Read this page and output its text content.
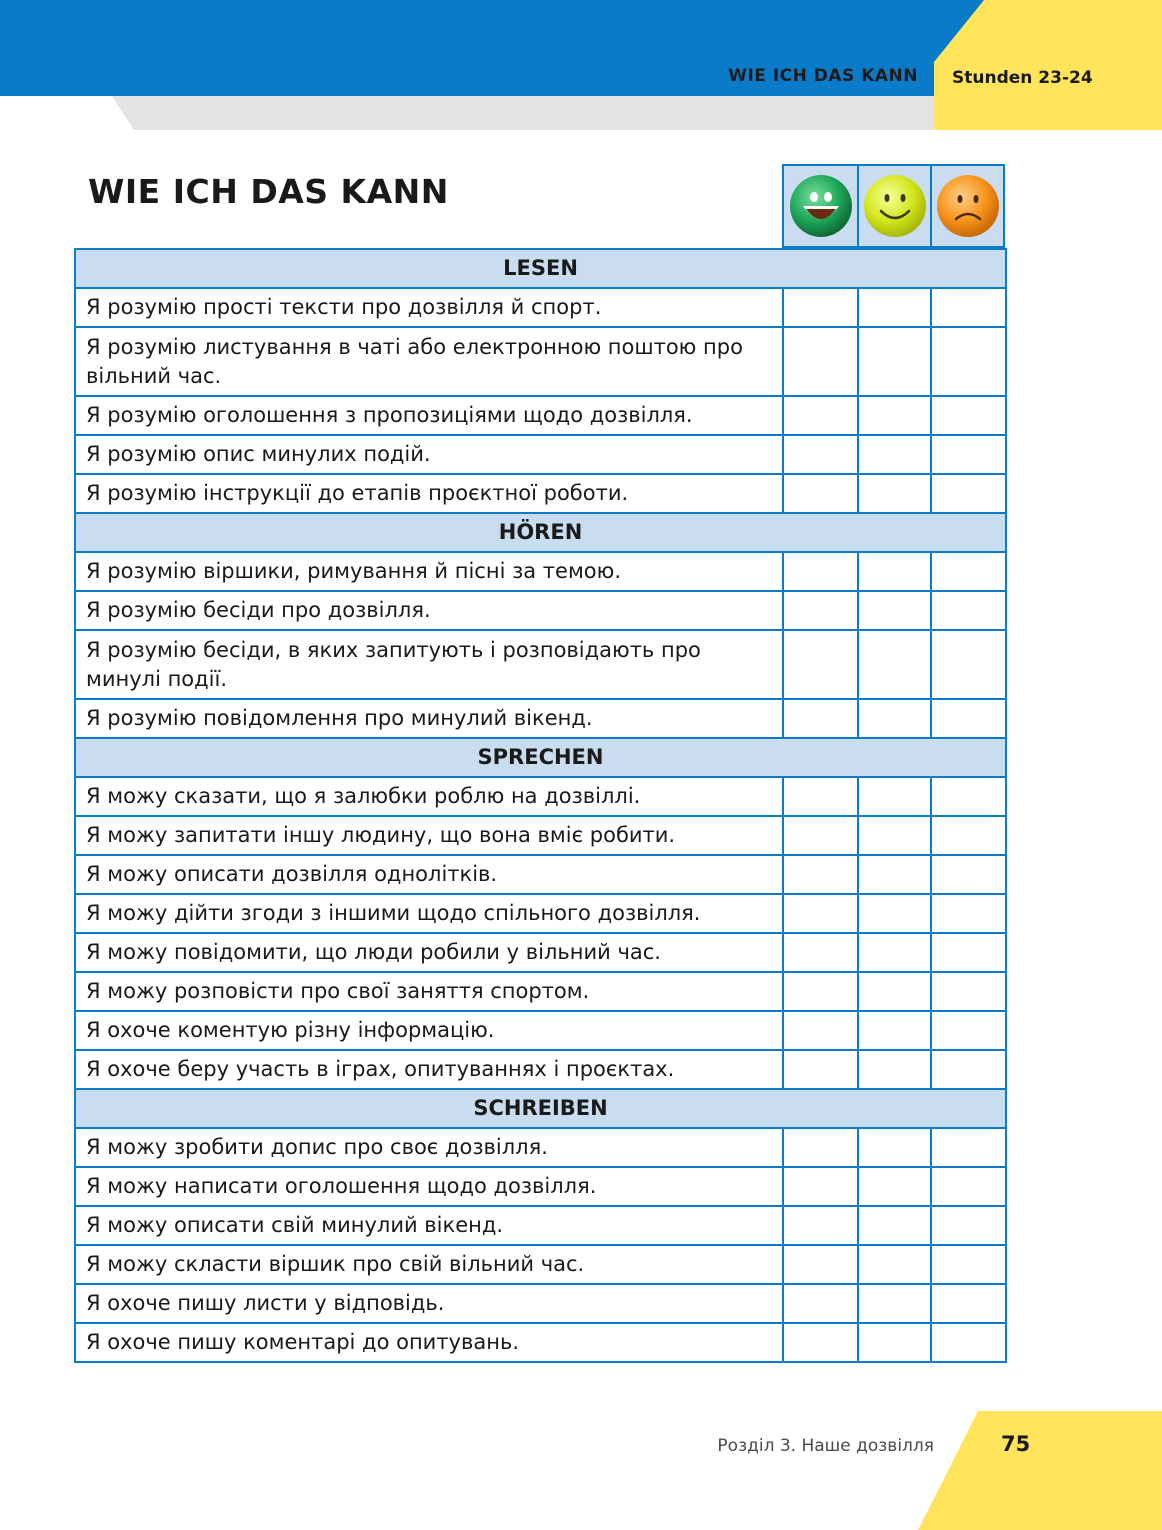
WIE ICH DAS KANN Stunden 23-24
WIE ICH DAS KANN
LESEN			
Я розумію прості тексти про дозвілля й спорт.			
Я розумію листування в чаті або електронною поштою про вільний час.			
Я розумію оголошення з пропозиціями щодо дозвілля.			
Я розумію опис минулих подій.			
Я розумію інструкції до етапів проєктної роботи.			
HÖREN			
Я розумію віршики, римування й пісні за темою.			
Я розумію бесіди про дозвілля.			
Я розумію бесіди, в яких запитують і розповідають про минулі події.			
Я розумію повідомлення про минулий вікенд.			
SPRECHEN			
Я можу сказати, що я залюбки роблю на дозвіллі.			
Я можу запитати іншу людину, що вона вміє робити.			
Я можу описати дозвілля однолітків.			
Я можу дійти згоди з іншими щодо спільного дозвілля.			
Я можу повідомити, що люди робили у вільний час.			
Я можу розповісти про свої заняття спортом.			
Я охоче коментую різну інформацію.			
Я охоче беру участь в іграх, опитуваннях і проєктах.			
SCHREIBEN			
Я можу зробити допис про своє дозвілля.			
Я можу написати оголошення щодо дозвілля.			
Я можу описати свій минулий вікенд.			
Я можу скласти віршик про свій вільний час.			
Я охоче пишу листи у відповідь.			
Я охоче пишу коментарі до опитувань.			
Розділ 3. Наше дозвілля	75
